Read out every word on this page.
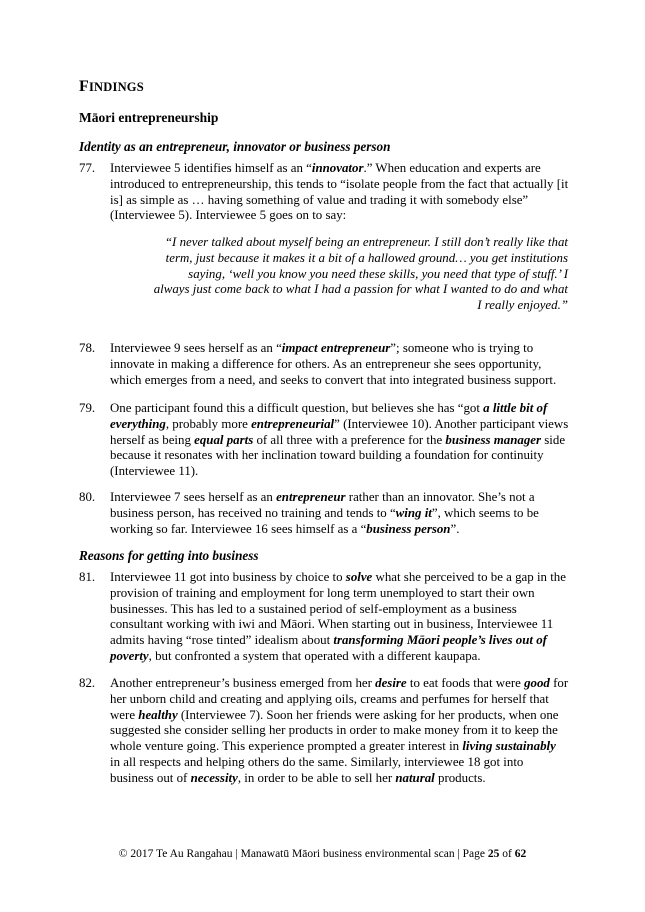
FINDINGS
Māori entrepreneurship
Identity as an entrepreneur, innovator or business person
77.	Interviewee 5 identifies himself as an “innovator.” When education and experts are introduced to entrepreneurship, this tends to “isolate people from the fact that actually [it is] as simple as … having something of value and trading it with somebody else” (Interviewee 5). Interviewee 5 goes on to say:
“I never talked about myself being an entrepreneur. I still don’t really like that term, just because it makes it a bit of a hallowed ground… you get institutions saying, ‘well you know you need these skills, you need that type of stuff.’ I always just come back to what I had a passion for what I wanted to do and what I really enjoyed.”
78.	Interviewee 9 sees herself as an “impact entrepreneur”; someone who is trying to innovate in making a difference for others. As an entrepreneur she sees opportunity, which emerges from a need, and seeks to convert that into integrated business support.
79.	One participant found this a difficult question, but believes she has “got a little bit of everything, probably more entrepreneurial” (Interviewee 10). Another participant views herself as being equal parts of all three with a preference for the business manager side because it resonates with her inclination toward building a foundation for continuity (Interviewee 11).
80.	Interviewee 7 sees herself as an entrepreneur rather than an innovator. She’s not a business person, has received no training and tends to “wing it”, which seems to be working so far. Interviewee 16 sees himself as a “business person”.
Reasons for getting into business
81.	Interviewee 11 got into business by choice to solve what she perceived to be a gap in the provision of training and employment for long term unemployed to start their own businesses. This has led to a sustained period of self-employment as a business consultant working with iwi and Māori. When starting out in business, Interviewee 11 admits having “rose tinted” idealism about transforming Māori people’s lives out of poverty, but confronted a system that operated with a different kaupapa.
82.	Another entrepreneur’s business emerged from her desire to eat foods that were good for her unborn child and creating and applying oils, creams and perfumes for herself that were healthy (Interviewee 7). Soon her friends were asking for her products, when one suggested she consider selling her products in order to make money from it to keep the whole venture going. This experience prompted a greater interest in living sustainably in all respects and helping others do the same. Similarly, interviewee 18 got into business out of necessity, in order to be able to sell her natural products.
© 2017 Te Au Rangahau | Manawatū Māori business environmental scan | Page 25 of 62
